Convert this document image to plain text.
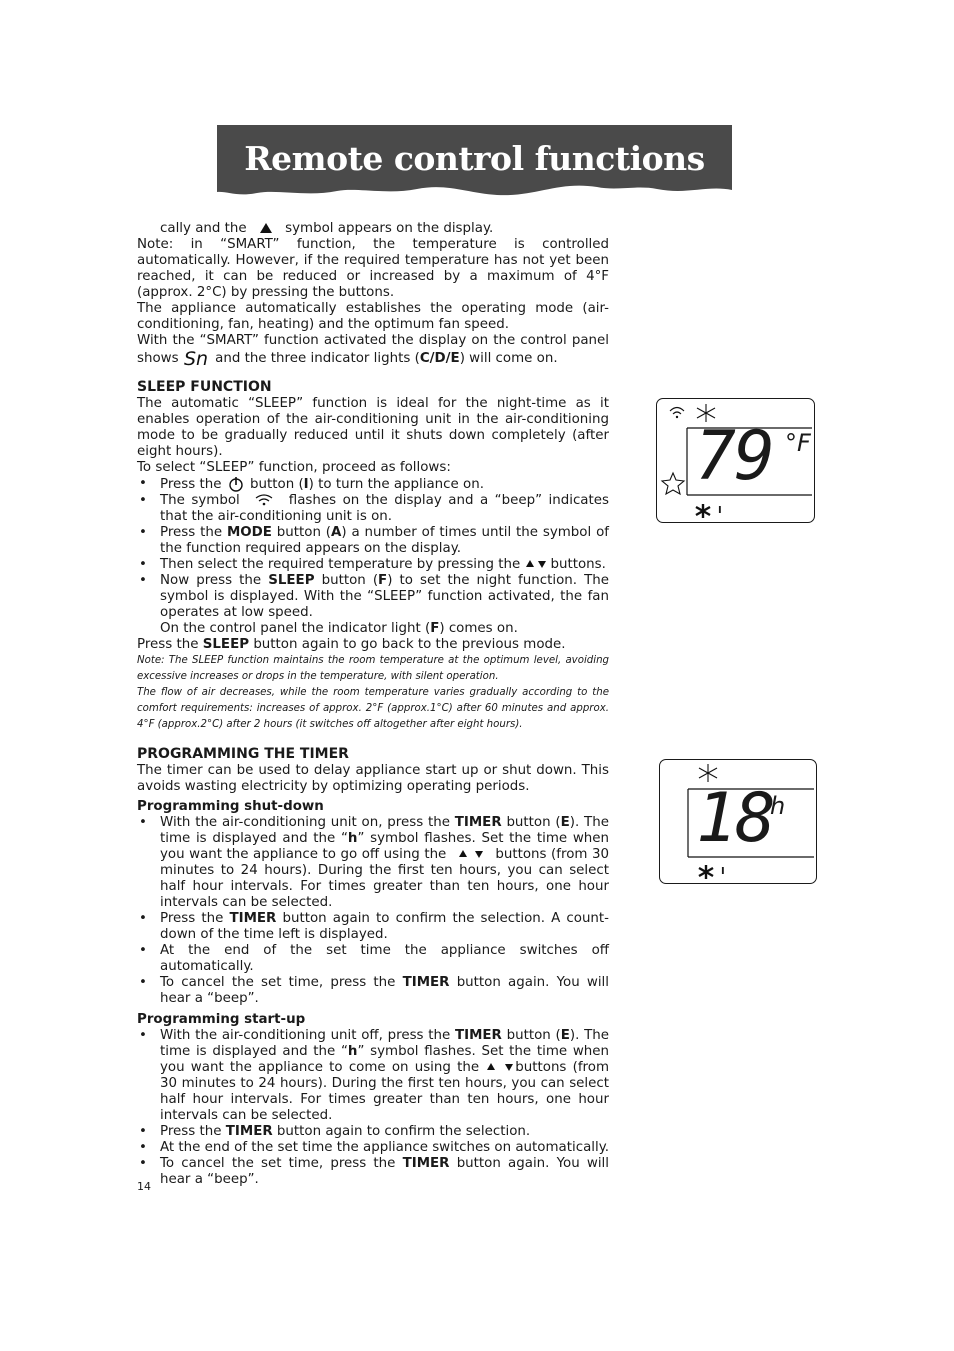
Remote control functions

cally and the	symbol appears on the display.

Note: in “SMART” function, the temperature is controlled automatically. However, if the required temperature has not yet been reached, it can be reduced or increased by a maximum of 4°F (approx. 2°C) by pressing the buttons.

The appliance automatically establishes the operating mode (air-conditioning, fan, heating) and the optimum fan speed.

With the “SMART” function activated the display on the control panel shows Sn and the three indicator lights (C/D/E) will come on.

SLEEP FUNCTION

The automatic “SLEEP” function is ideal for the night-time as it enables operation of the air-conditioning unit in the air-conditioning mode to be gradually reduced until it shuts down completely (after eight hours).

To select “SLEEP” function, proceed as follows:

• Press the button (I) to turn the appliance on.
• The symbol	flashes on the display and a “beep” indicates that the air-conditioning unit is on.
• Press the MODE button (A) a number of times until the symbol of the function required appears on the display.
• Then select the required temperature by pressing the buttons.
• Now press the SLEEP button (F) to set the night function. The symbol is displayed. With the “SLEEP” function activated, the fan operates at low speed.

On the control panel the indicator light (F) comes on.

Press the SLEEP button again to go back to the previous mode.

Note: The SLEEP function maintains the room temperature at the optimum level, avoiding excessive increases or drops in the temperature, with silent operation.

The flow of air decreases, while the room temperature varies gradually according to the comfort requirements: increases of approx. 2°F (approx.1°C) after 60 minutes and approx. 4°F (approx.2°C) after 2 hours (it switches off altogether after eight hours).

PROGRAMMING THE TIMER

The timer can be used to delay appliance start up or shut down. This avoids wasting electricity by optimizing operating periods.

Programming shut-down
• With the air-conditioning unit on, press the TIMER button (E). The time is displayed and the “h” symbol flashes. Set the time when you want the appliance to go off using the	buttons (from 30 minutes to 24 hours). During the first ten hours, you can select half hour intervals. For times greater than ten hours, one hour intervals can be selected.
• Press the TIMER button again to confirm the selection. A count-down of the time left is displayed.
• At the end of the set time the appliance switches off automatically.
• To cancel the set time, press the TIMER button again. You will hear a “beep”.
Programming start-up
• With the air-conditioning unit off, press the TIMER button (E). The time is displayed and the “h” symbol flashes. Set the time when you want the appliance to come on using the	buttons (from 30 minutes to 24 hours). During the first ten hours, you can select half hour intervals. For times greater than ten hours, one hour intervals can be selected.
• Press the TIMER button again to confirm the selection.
• At the end of the set time the appliance switches on automatically.
• To cancel the set time, press the TIMER button again. You will hear a “beep”.
I
79 °F
I
18
h
14
